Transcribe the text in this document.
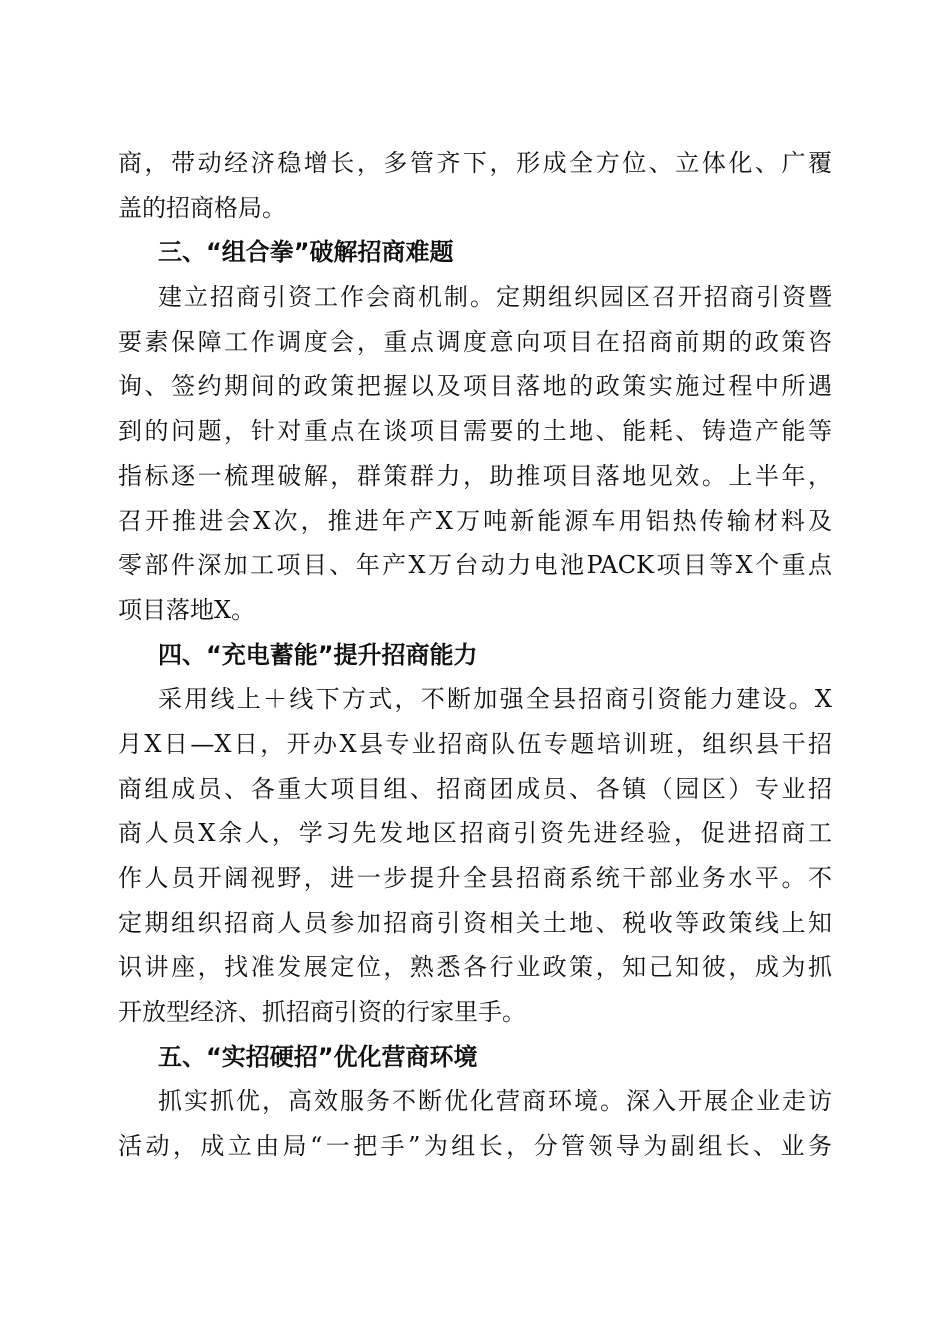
商，带动经济稳增长，多管齐下，形成全方位、立体化、广覆
盖的招商格局。
三、“组合拳”破解招商难题
建立招商引资工作会商机制。定期组织园区召开招商引资暨
要素保障工作调度会，重点调度意向项目在招商前期的政策咨
询、签约期间的政策把握以及项目落地的政策实施过程中所遇
到的问题，针对重点在谈项目需要的土地、能耗、铸造产能等
指标逐一梳理破解，群策群力，助推项目落地见效。上半年，
召开推进会X次，推进年产X万吨新能源车用铝热传输材料及
零部件深加工项目、年产X万台动力电池PACK项目等X个重点
项目落地X。
四、“充电蓄能”提升招商能力
采用线上＋线下方式，不断加强全县招商引资能力建设。X
月X日—X日，开办X县专业招商队伍专题培训班，组织县干招
商组成员、各重大项目组、招商团成员、各镇（园区）专业招
商人员X余人，学习先发地区招商引资先进经验，促进招商工
作人员开阔视野，进一步提升全县招商系统干部业务水平。不
定期组织招商人员参加招商引资相关土地、税收等政策线上知
识讲座，找准发展定位，熟悉各行业政策，知己知彼，成为抓
开放型经济、抓招商引资的行家里手。
五、“实招硬招”优化营商环境
抓实抓优，高效服务不断优化营商环境。深入开展企业走访
活动，成立由局“一把手”为组长，分管领导为副组长、业务
